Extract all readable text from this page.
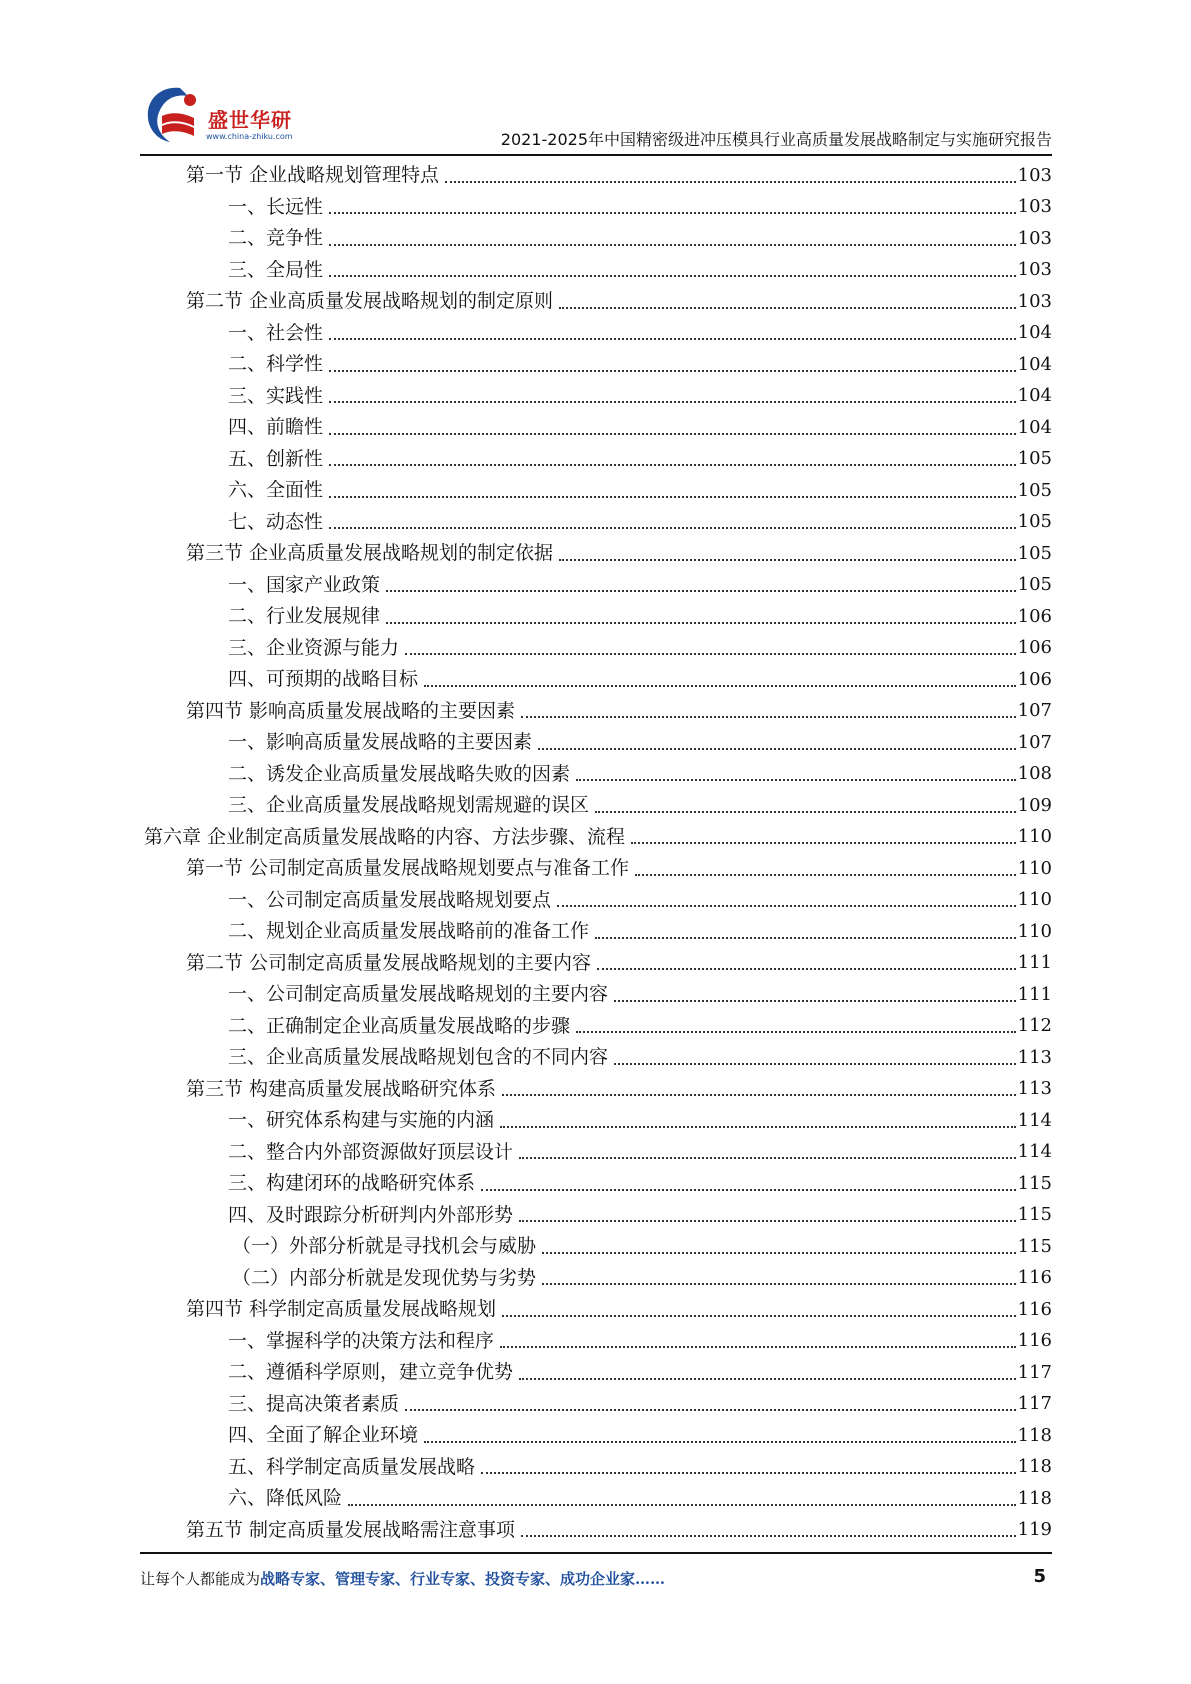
盛世华研
www.china-zhiku.com	2021-2025年中国精密级进冲压模具行业高质量发展战略制定与实施研究报告
第一节 企业战略规划管理特点	103
一、长远性	103
二、竞争性	103
三、全局性	103
第二节 企业高质量发展战略规划的制定原则	103
一、社会性	104
二、科学性	104
三、实践性	104
四、前瞻性	104
五、创新性	105
六、全面性	105
七、动态性	105
第三节 企业高质量发展战略规划的制定依据	105
一、国家产业政策	105
二、行业发展规律	106
三、企业资源与能力	106
四、可预期的战略目标	106
第四节 影响高质量发展战略的主要因素	107
一、影响高质量发展战略的主要因素	107
二、诱发企业高质量发展战略失败的因素	108
三、企业高质量发展战略规划需规避的误区	109
第六章 企业制定高质量发展战略的内容、方法步骤、流程	110
第一节 公司制定高质量发展战略规划要点与准备工作	110
一、公司制定高质量发展战略规划要点	110
二、规划企业高质量发展战略前的准备工作	110
第二节 公司制定高质量发展战略规划的主要内容	111
一、公司制定高质量发展战略规划的主要内容	111
二、正确制定企业高质量发展战略的步骤	112
三、企业高质量发展战略规划包含的不同内容	113
第三节 构建高质量发展战略研究体系	113
一、研究体系构建与实施的内涵	114
二、整合内外部资源做好顶层设计	114
三、构建闭环的战略研究体系	115
四、及时跟踪分析研判内外部形势	115
（一）外部分析就是寻找机会与威胁	115
（二）内部分析就是发现优势与劣势	116
第四节 科学制定高质量发展战略规划	116
一、掌握科学的决策方法和程序	116
二、遵循科学原则，建立竞争优势	117
三、提高决策者素质	117
四、全面了解企业环境	118
五、科学制定高质量发展战略	118
六、降低风险	118
第五节 制定高质量发展战略需注意事项	119
让每个人都能成为战略专家、管理专家、行业专家、投资专家、成功企业家……	5
